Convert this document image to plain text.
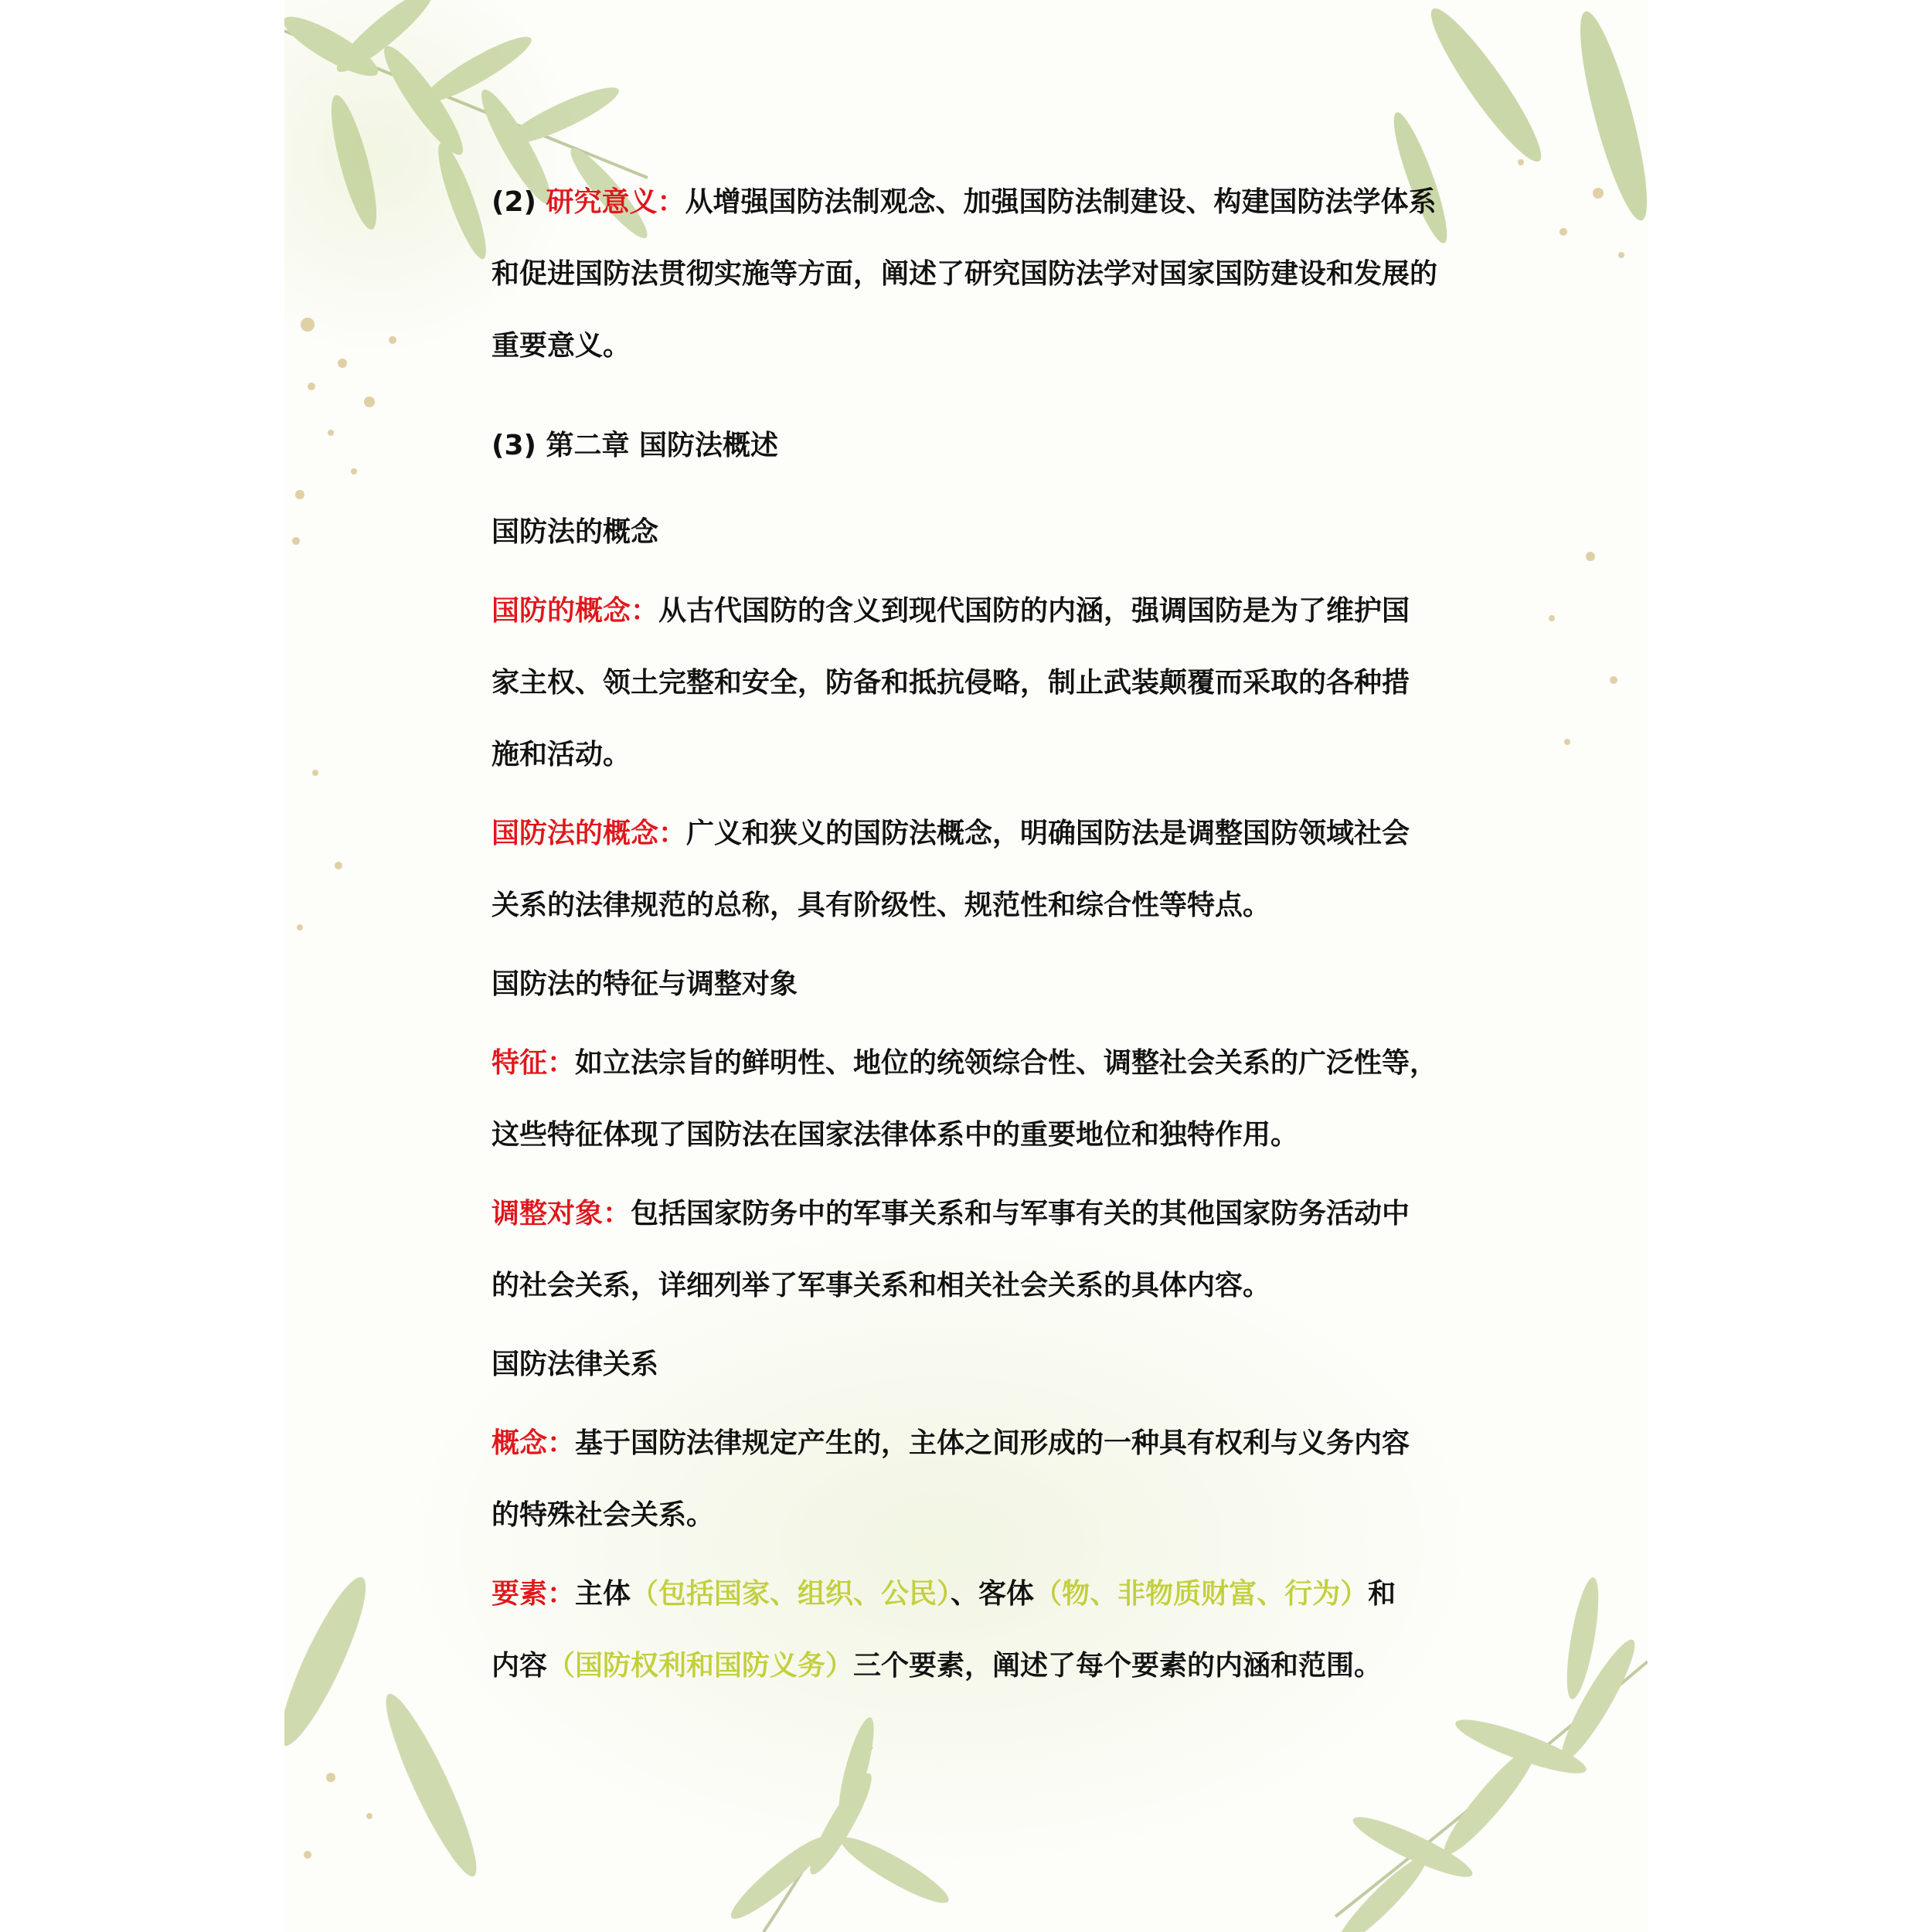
(2) 研究意义：从增强国防法制观念、加强国防法制建设、构建国防法学体系
和促进国防法贯彻实施等方面，阐述了研究国防法学对国家国防建设和发展的
重要意义。
(3) 第二章 国防法概述
国防法的概念
国防的概念：从古代国防的含义到现代国防的内涵，强调国防是为了维护国
家主权、领土完整和安全，防备和抵抗侵略，制止武装颠覆而采取的各种措
施和活动。
国防法的概念：广义和狭义的国防法概念，明确国防法是调整国防领域社会
关系的法律规范的总称，具有阶级性、规范性和综合性等特点。
国防法的特征与调整对象
特征：如立法宗旨的鲜明性、地位的统领综合性、调整社会关系的广泛性等，
这些特征体现了国防法在国家法律体系中的重要地位和独特作用。
调整对象：包括国家防务中的军事关系和与军事有关的其他国家防务活动中
的社会关系，详细列举了军事关系和相关社会关系的具体内容。
国防法律关系
概念：基于国防法律规定产生的，主体之间形成的一种具有权利与义务内容
的特殊社会关系。
要素：主体（包括国家、组织、公民）、客体（物、非物质财富、行为）和
内容（国防权利和国防义务）三个要素，阐述了每个要素的内涵和范围。
